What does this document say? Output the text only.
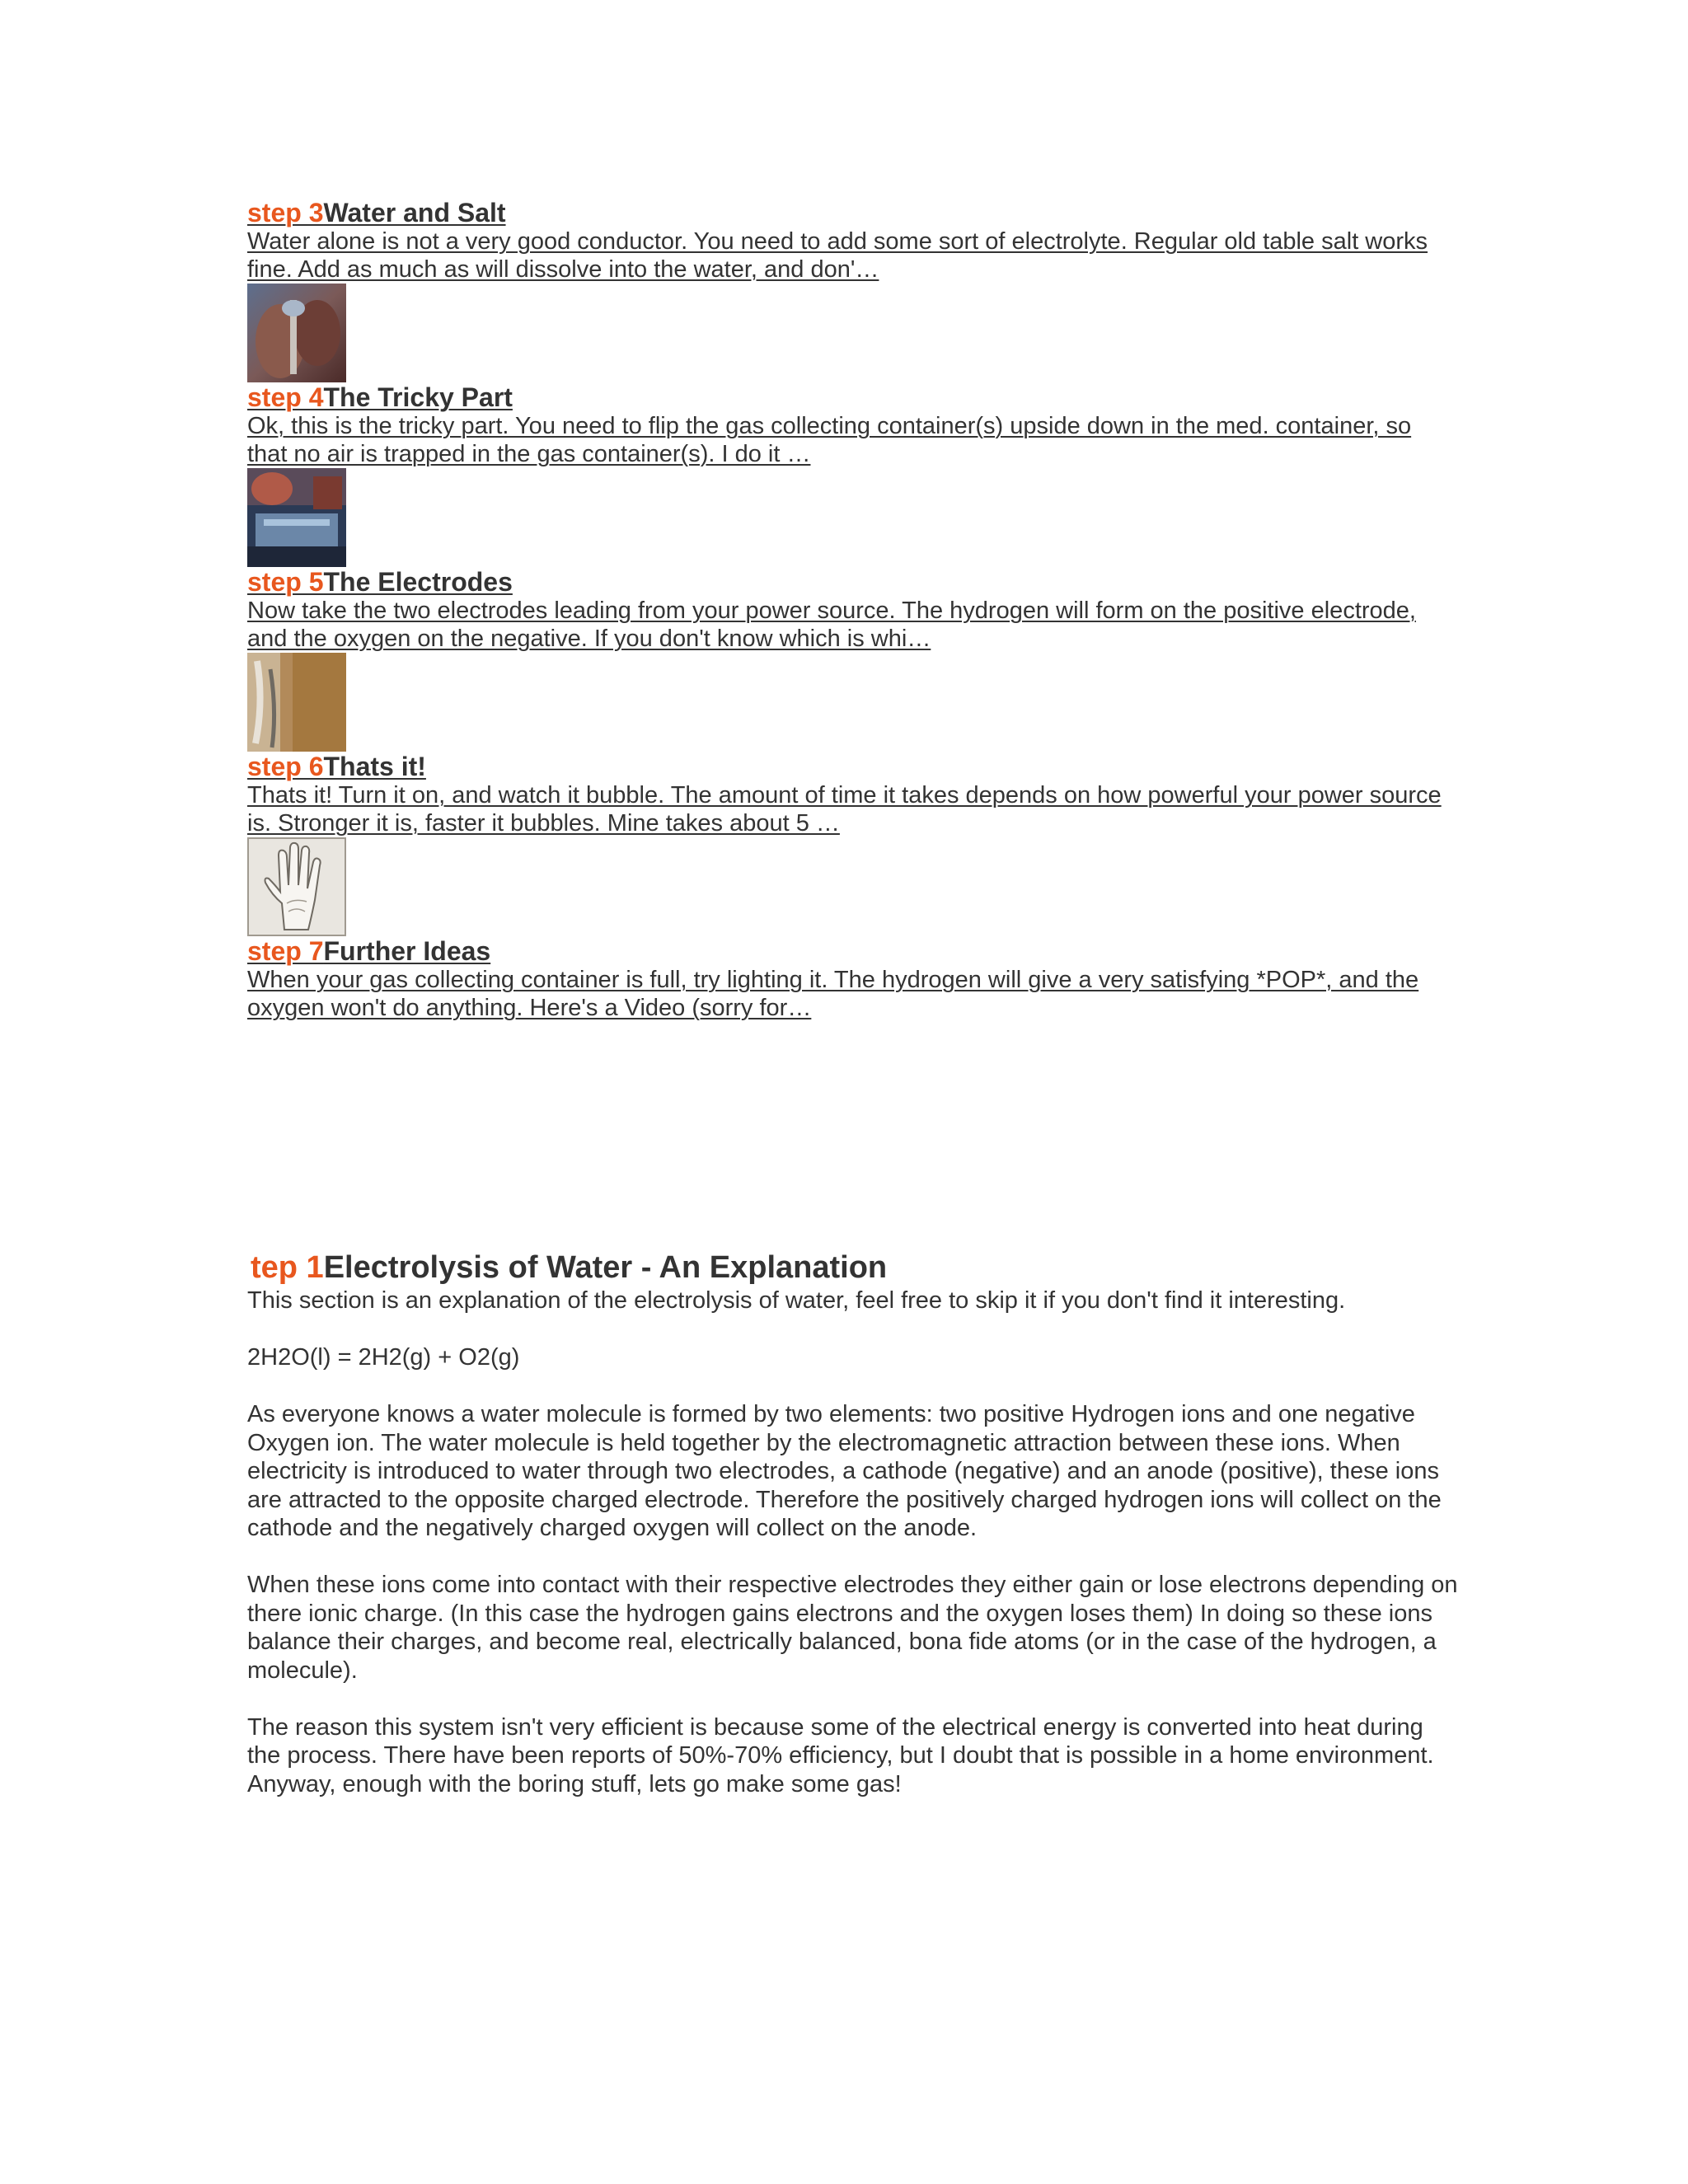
step 3Water and Salt
Water alone is not a very good conductor. You need to add some sort of electrolyte. Regular old table salt works fine. Add as much as will dissolve into the water, and don'…
step 4The Tricky Part
Ok, this is the tricky part. You need to flip the gas collecting container(s) upside down in the med. container, so that no air is trapped in the gas container(s). I do it …
step 5The Electrodes
Now take the two electrodes leading from your power source. The hydrogen will form on the positive electrode, and the oxygen on the negative. If you don't know which is whi…
step 6Thats it!
Thats it! Turn it on, and watch it bubble. The amount of time it takes depends on how powerful your power source is. Stronger it is, faster it bubbles. Mine takes about 5 …
step 7Further Ideas
When your gas collecting container is full, try lighting it. The hydrogen will give a very satisfying *POP*, and the oxygen won't do anything. Here's a Video (sorry for…
tep 1Electrolysis of Water - An Explanation

This section is an explanation of the electrolysis of water, feel free to skip it if you don't find it interesting.

2H2O(l) = 2H2(g) + O2(g)

As everyone knows a water molecule is formed by two elements: two positive Hydrogen ions and one negative Oxygen ion. The water molecule is held together by the electromagnetic attraction between these ions. When electricity is introduced to water through two electrodes, a cathode (negative) and an anode (positive), these ions are attracted to the opposite charged electrode. Therefore the positively charged hydrogen ions will collect on the cathode and the negatively charged oxygen will collect on the anode.

When these ions come into contact with their respective electrodes they either gain or lose electrons depending on there ionic charge. (In this case the hydrogen gains electrons and the oxygen loses them) In doing so these ions balance their charges, and become real, electrically balanced, bona fide atoms (or in the case of the hydrogen, a molecule).

The reason this system isn't very efficient is because some of the electrical energy is converted into heat during the process. There have been reports of 50%-70% efficiency, but I doubt that is possible in a home environment. Anyway, enough with the boring stuff, lets go make some gas!
